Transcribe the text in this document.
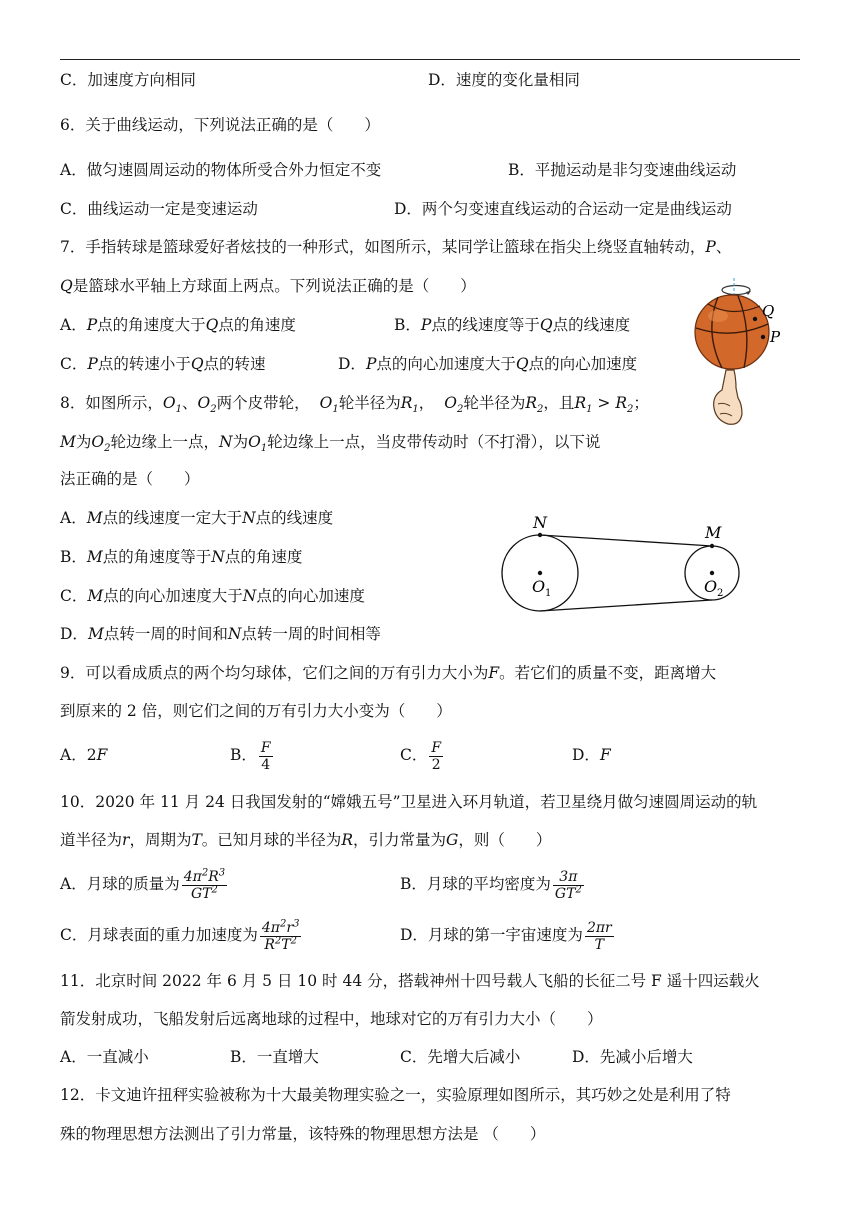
C．加速度方向相同	D．速度的变化量相同
6．关于曲线运动，下列说法正确的是（　　）
A．做匀速圆周运动的物体所受合外力恒定不变	B．平抛运动是非匀变速曲线运动
C．曲线运动一定是变速运动	D．两个匀变速直线运动的合运动一定是曲线运动
7．手指转球是篮球爱好者炫技的一种形式，如图所示，某同学让篮球在指尖上绕竖直轴转动，P、
Q是篮球水平轴上方球面上两点。下列说法正确的是（　　）
A．P点的角速度大于Q点的角速度	B．P点的线速度等于Q点的线速度
C．P点的转速小于Q点的转速	D．P点的向心加速度大于Q点的向心加速度
Q
P
8．如图所示，$O_1$、$O_2$两个皮带轮， $O_1$轮半径为$R_1$， $O_2$轮半径为$R_2$，且$R_1 > R_2$；
M为$O_2$轮边缘上一点，N为$O_1$轮边缘上一点，当皮带传动时（不打滑），以下说
法正确的是（　　）
A．M点的线速度一定大于N点的线速度
B．M点的角速度等于N点的角速度
C．M点的向心加速度大于N点的向心加速度
D．M点转一周的时间和N点转一周的时间相等
N
M
O 1	O 2
9．可以看成质点的两个均匀球体，它们之间的万有引力大小为F。若它们的质量不变，距离增大
到原来的 2 倍，则它们之间的万有引力大小变为（　　）
A．2F	B． $\frac{F}{4}$	C． $\frac{F}{2}$	D．F
10．2020 年 11 月 24 日我国发射的“嫦娥五号”卫星进入环月轨道，若卫星绕月做匀速圆周运动的轨
道半径为r，周期为T。已知月球的半径为R，引力常量为G，则（　　）
A．月球的质量为 $\frac{4\pi^2R^3}{GT^2}$	B．月球的平均密度为 $\frac{3\pi}{GT^2}$
C．月球表面的重力加速度为 $\frac{4\pi^2r^3}{R^2T^2}$	D．月球的第一宇宙速度为 $\frac{2\pi r}{T}$
11．北京时间 2022 年 6 月 5 日 10 时 44 分，搭载神州十四号载人飞船的长征二号 F 遥十四运载火
箭发射成功，飞船发射后远离地球的过程中，地球对它的万有引力大小（　　）
A．一直减小	B．一直增大	C．先增大后减小	D．先减小后增大
12．卡文迪许扭秤实验被称为十大最美物理实验之一，实验原理如图所示，其巧妙之处是利用了特
殊的物理思想方法测出了引力常量，该特殊的物理思想方法是 （　　）
